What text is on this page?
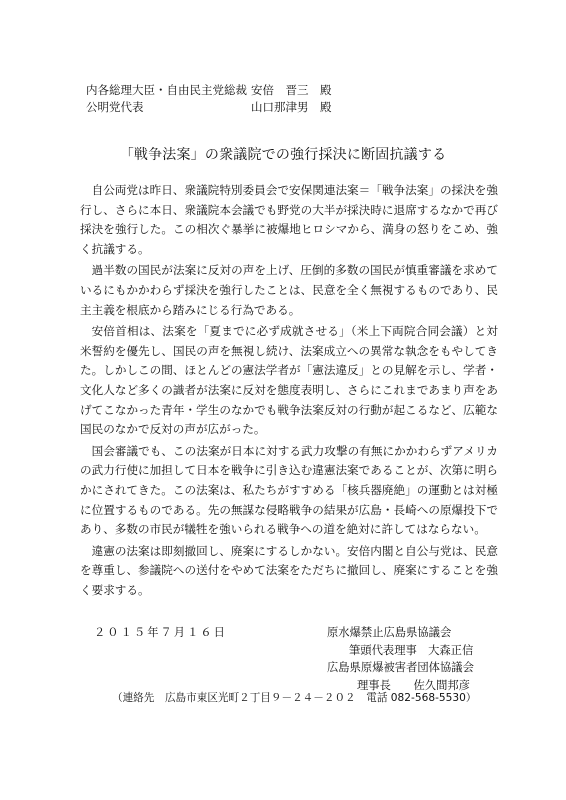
内各総理大臣・自由民主党総裁 安倍　晋三　殿
公明党代表	山口那津男　殿
「戦争法案」の衆議院での強行採決に断固抗議する

自公両党は昨日、衆議院特別委員会で安保関連法案＝「戦争法案」の採決を強行し、さらに本日、衆議院本会議でも野党の大半が採決時に退席するなかで再び採決を強行した。この相次ぐ暴挙に被爆地ヒロシマから、満身の怒りをこめ、強く抗議する。

過半数の国民が法案に反対の声を上げ、圧倒的多数の国民が慎重審議を求めているにもかかわらず採決を強行したことは、民意を全く無視するものであり、民主主義を根底から踏みにじる行為である。

安倍首相は、法案を「夏までに必ず成就させる」（米上下両院合同会議）と対米誓約を優先し、国民の声を無視し続け、法案成立への異常な執念をもやしてきた。しかしこの間、ほとんどの憲法学者が「憲法違反」との見解を示し、学者・文化人など多くの識者が法案に反対を態度表明し、さらにこれまであまり声をあげてこなかった青年・学生のなかでも戦争法案反対の行動が起こるなど、広範な国民のなかで反対の声が広がった。

国会審議でも、この法案が日本に対する武力攻撃の有無にかかわらずアメリカの武力行使に加担して日本を戦争に引き込む違憲法案であることが、次第に明らかにされてきた。この法案は、私たちがすすめる「核兵器廃絶」の運動とは対極に位置するものである。先の無謀な侵略戦争の結果が広島・長崎への原爆投下であり、多数の市民が犠牲を強いられる戦争への道を絶対に許してはならない。

違憲の法案は即刻撤回し、廃案にするしかない。安倍内閣と自公与党は、民意を尊重し、参議院への送付をやめて法案をただちに撤回し、廃案にすることを強く要求する。

２０１５年７月１６日	原水爆禁止広島県協議会
筆頭代表理事　大森正信
広島県原爆被害者団体協議会
理事長　　佐久間邦彦
（連絡先　広島市東区光町２丁目９－２４－２０２　電話 082-568-5530）
